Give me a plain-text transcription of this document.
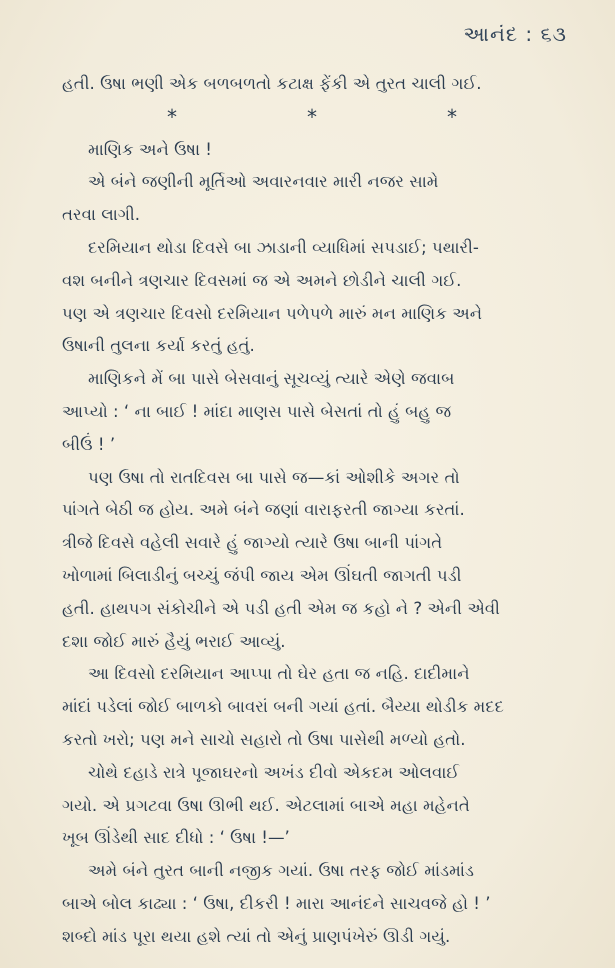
આનંદ : ૬૩
હતી. ઉષા ભણી એક બળબળતો કટાક્ષ ફેંકી એ તુરત ચાલી ગઈ.
*	*	*
માણિક અને ઉષા !
એ બંને જણીની મૂર્તિઓ અવારનવાર મારી નજર સામે
તરવા લાગી.
દરમિયાન થોડા દિવસે બા ઝાડાની વ્યાધિમાં સપડાઈ; પથારી-
વશ બનીને ત્રણચાર દિવસમાં જ એ અમને છોડીને ચાલી ગઈ.
પણ એ ત્રણચાર દિવસો દરમિયાન પળેપળે મારું મન માણિક અને
ઉષાની તુલના કર્યા કરતું હતું.
માણિકને મેં બા પાસે બેસવાનું સૂચવ્યું ત્યારે એણે જવાબ
આપ્યો : ‘ ના બાઈ ! માંદા માણસ પાસે બેસતાં તો હું બહુ જ
બીઉં ! ’
પણ ઉષા તો રાતદિવસ બા પાસે જ—કાં ઓશીકે અગર તો
પાંગતે બેઠી જ હોય. અમે બંને જણાં વારાફરતી જાગ્યા કરતાં.
ત્રીજે દિવસે વહેલી સવારે હું જાગ્યો ત્યારે ઉષા બાની પાંગતે
ખોળામાં બિલાડીનું બચ્ચું જંપી જાય એમ ઊંઘતી જાગતી પડી
હતી. હાથપગ સંકોચીને એ પડી હતી એમ જ કહો ને ? એની એવી
દશા જોઈ મારું હૈયું ભરાઈ આવ્યું.
આ દિવસો દરમિયાન આપ્પા તો ઘેર હતા જ નહિ. દાદીમાને
માંદાં પડેલાં જોઈ બાળકો બાવરાં બની ગયાં હતાં. બૈય્યા થોડીક મદદ
કરતો ખરો; પણ મને સાચો સહારો તો ઉષા પાસેથી મળ્યો હતો.
ચોથે દહાડે રાત્રે પૂજાઘરનો અખંડ દીવો એકદમ ઓલવાઈ
ગયો. એ પ્રગટવા ઉષા ઊભી થઈ. એટલામાં બાએ મહા મહેનતે
ખૂબ ઊંડેથી સાદ દીધો : ‘ ઉષા !—’
અમે બંને તુરત બાની નજીક ગયાં. ઉષા તરફ જોઈ માંડમાંડ
બાએ બોલ કાઢ્યા : ‘ ઉષા, દીકરી ! મારા આનંદને સાચવજે હો ! ’
શબ્દો માંડ પૂરા થયા હશે ત્યાં તો એનું પ્રાણપંખેરું ઊડી ગયું.
